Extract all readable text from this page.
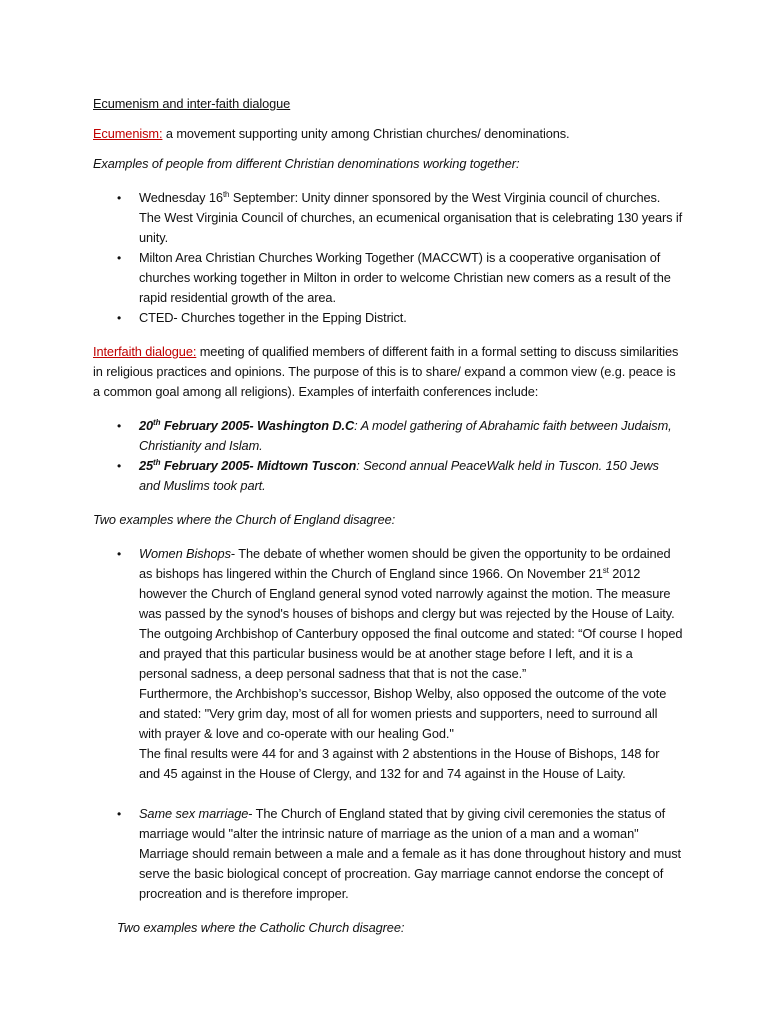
Ecumenism and inter-faith dialogue

Ecumenism: a movement supporting unity among Christian churches/ denominations.

Examples of people from different Christian denominations working together:

• Wednesday 16th September: Unity dinner sponsored by the West Virginia council of churches. The West Virginia Council of churches, an ecumenical organisation that is celebrating 130 years if unity.
• Milton Area Christian Churches Working Together (MACCWT) is a cooperative organisation of churches working together in Milton in order to welcome Christian new comers as a result of the rapid residential growth of the area.
• CTED- Churches together in the Epping District.

Interfaith dialogue: meeting of qualified members of different faith in a formal setting to discuss similarities in religious practices and opinions. The purpose of this is to share/ expand a common view (e.g. peace is a common goal among all religions). Examples of interfaith conferences include:

• 20th February 2005- Washington D.C: A model gathering of Abrahamic faith between Judaism, Christianity and Islam.
• 25th February 2005- Midtown Tuscon: Second annual PeaceWalk held in Tuscon. 150 Jews and Muslims took part.

Two examples where the Church of England disagree:

• Women Bishops- The debate of whether women should be given the opportunity to be ordained as bishops has lingered within the Church of England since 1966. On November 21st 2012 however the Church of England general synod voted narrowly against the motion. The measure was passed by the synod's houses of bishops and clergy but was rejected by the House of Laity.

The outgoing Archbishop of Canterbury opposed the final outcome and stated: “Of course I hoped and prayed that this particular business would be at another stage before I left, and it is a personal sadness, a deep personal sadness that that is not the case.”

Furthermore, the Archbishop’s successor, Bishop Welby, also opposed the outcome of the vote and stated: "Very grim day, most of all for women priests and supporters, need to surround all with prayer & love and co-operate with our healing God."

The final results were 44 for and 3 against with 2 abstentions in the House of Bishops, 148 for and 45 against in the House of Clergy, and 132 for and 74 against in the House of Laity.

• Same sex marriage- The Church of England stated that by giving civil ceremonies the status of marriage would "alter the intrinsic nature of marriage as the union of a man and a woman" Marriage should remain between a male and a female as it has done throughout history and must serve the basic biological concept of procreation. Gay marriage cannot endorse the concept of procreation and is therefore improper.

Two examples where the Catholic Church disagree:
